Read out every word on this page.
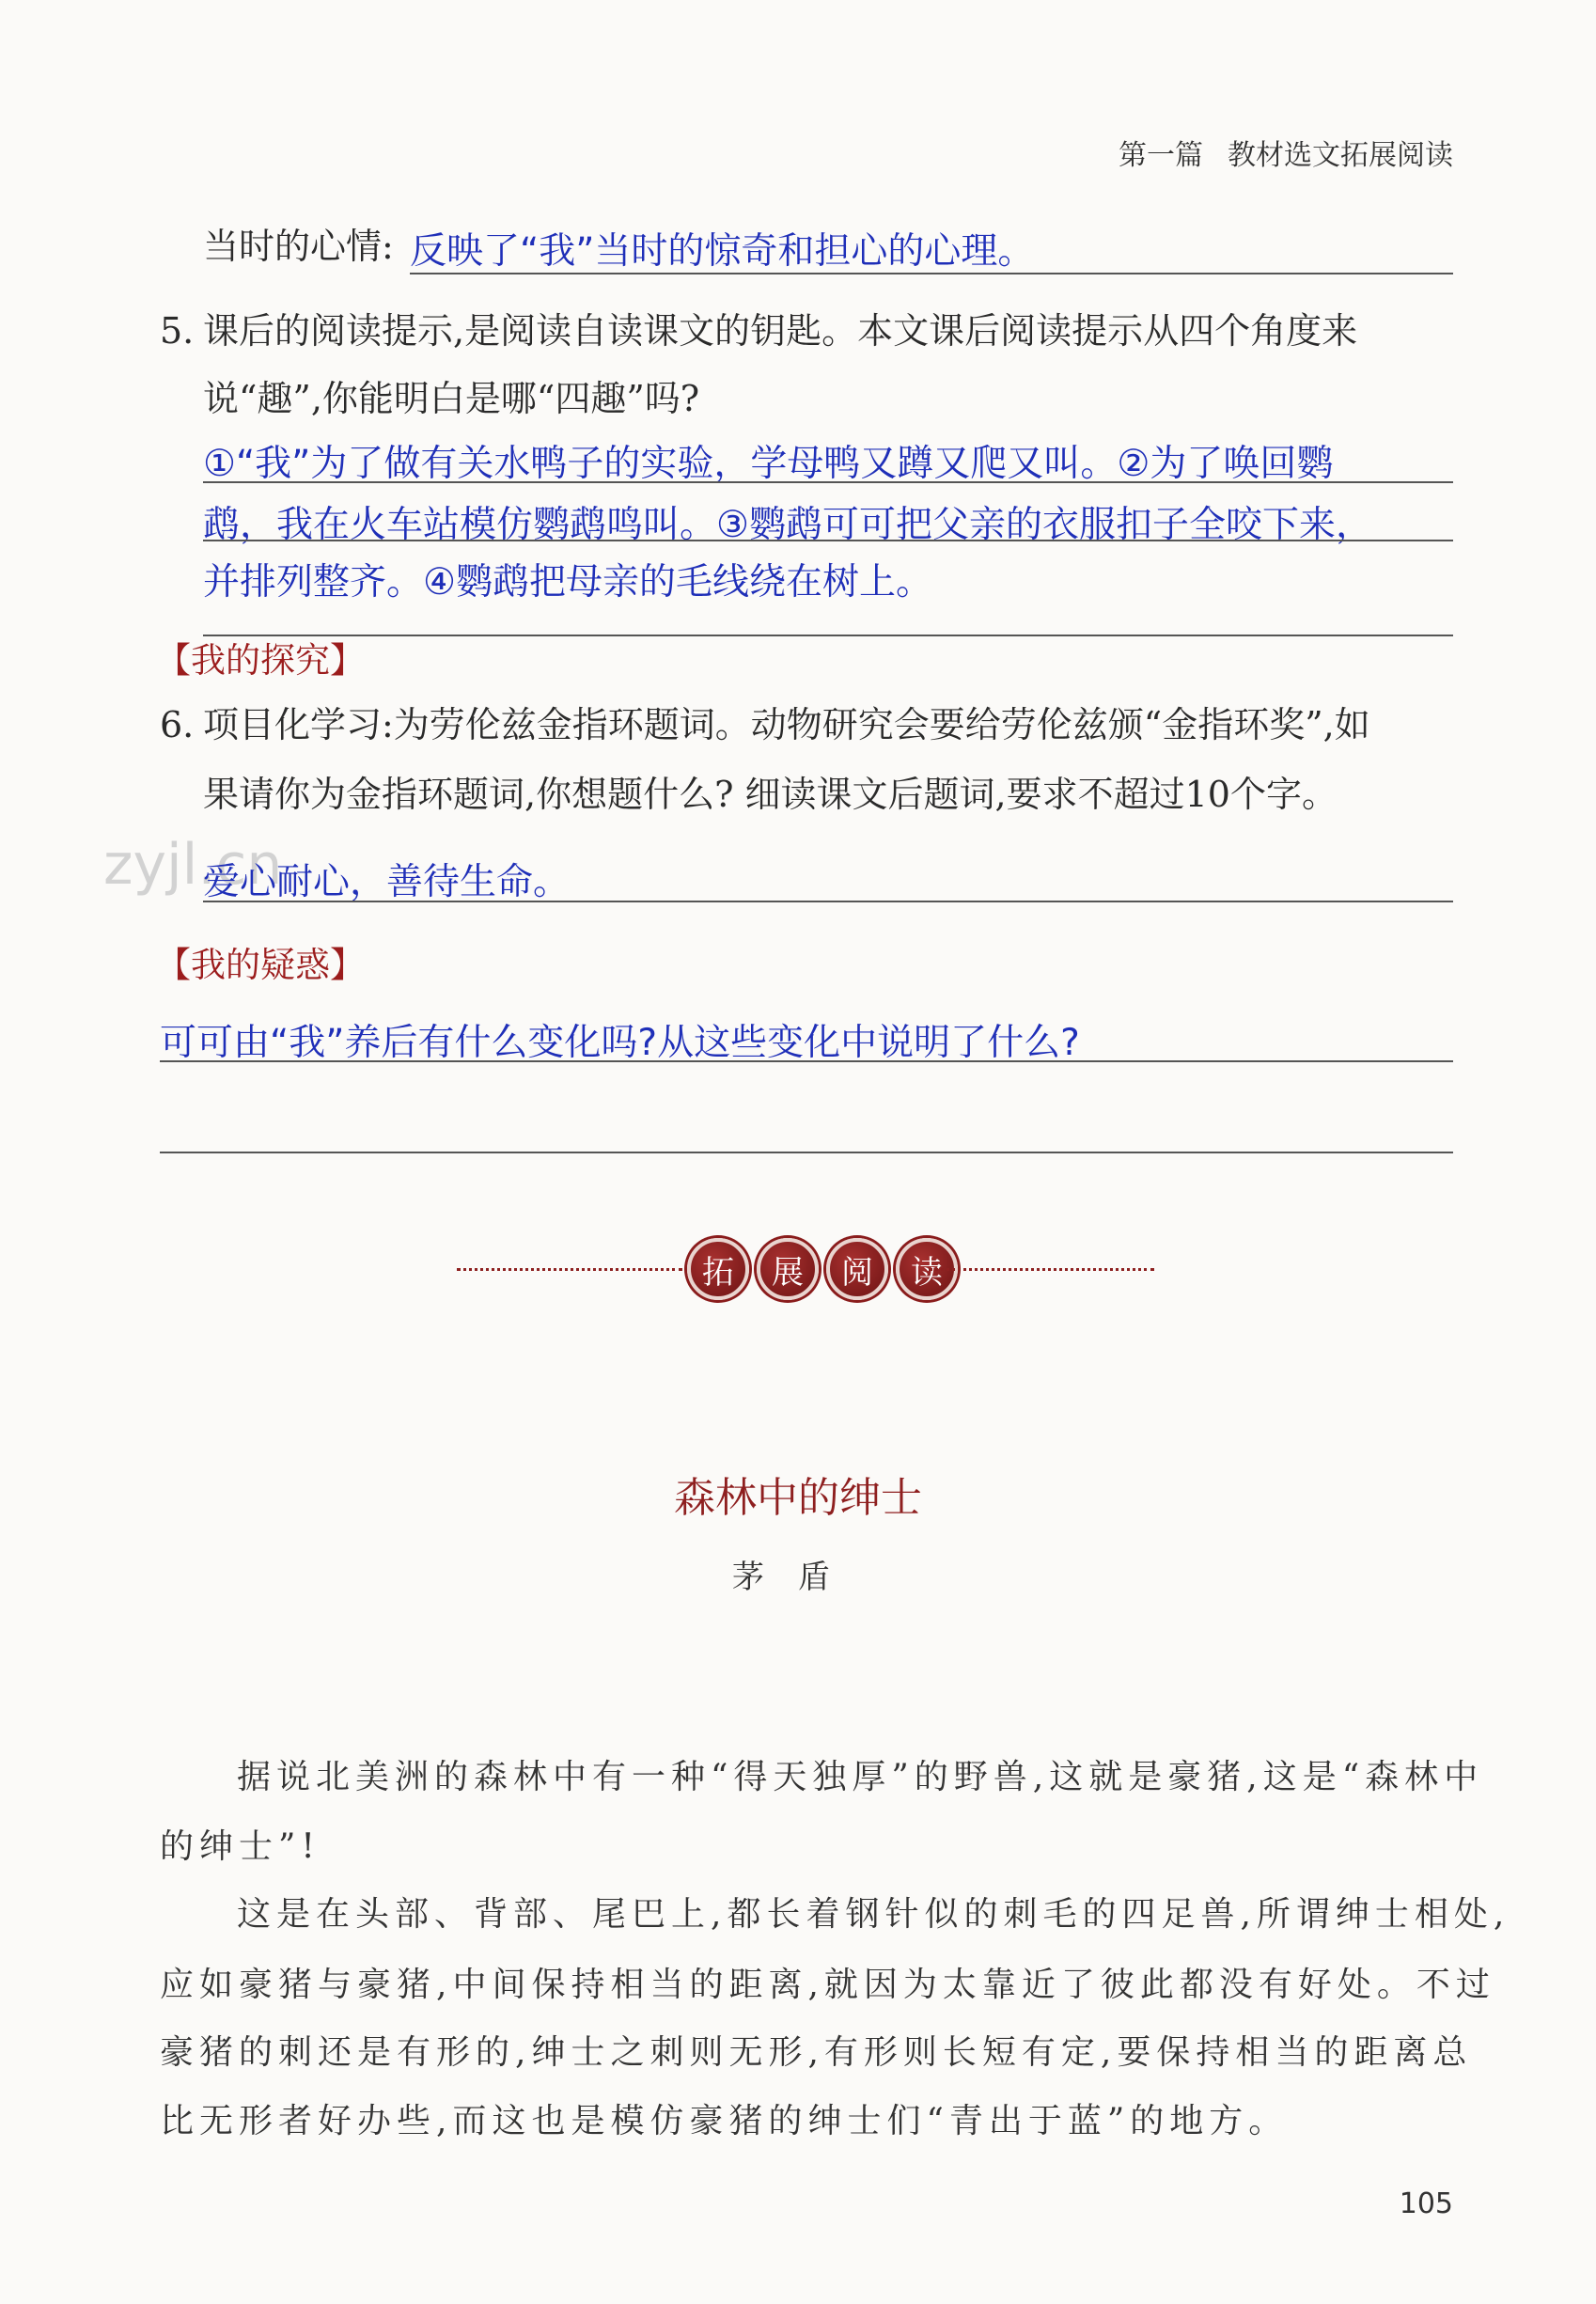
第一篇 教材选文拓展阅读
当时的心情: 反映了“我”当时的惊奇和担心的心理。
5. 课后的阅读提示,是阅读自读课文的钥匙。本文课后阅读提示从四个角度来
说“趣”,你能明白是哪“四趣”吗?
①“我”为了做有关水鸭子的实验，学母鸭又蹲又爬又叫。②为了唤回鹦
鹉，我在火车站模仿鹦鹉鸣叫。③鹦鹉可可把父亲的衣服扣子全咬下来，
并排列整齐。④鹦鹉把母亲的毛线绕在树上。
【我的探究】
6. 项目化学习:为劳伦兹金指环题词。动物研究会要给劳伦兹颁“金指环奖”,如
果请你为金指环题词,你想题什么? 细读课文后题词,要求不超过10个字。
zyjl.cn
爱心耐心，善待生命。
【我的疑惑】
可可由“我”养后有什么变化吗?从这些变化中说明了什么?
拓	展	阅	读
森林中的绅士
茅盾
据说北美洲的森林中有一种“得天独厚”的野兽,这就是豪猪,这是“森林中
的绅士”!
这是在头部、背部、尾巴上,都长着钢针似的刺毛的四足兽,所谓绅士相处,
应如豪猪与豪猪,中间保持相当的距离,就因为太靠近了彼此都没有好处。不过
豪猪的刺还是有形的,绅士之刺则无形,有形则长短有定,要保持相当的距离总
比无形者好办些,而这也是模仿豪猪的绅士们“青出于蓝”的地方。
105
